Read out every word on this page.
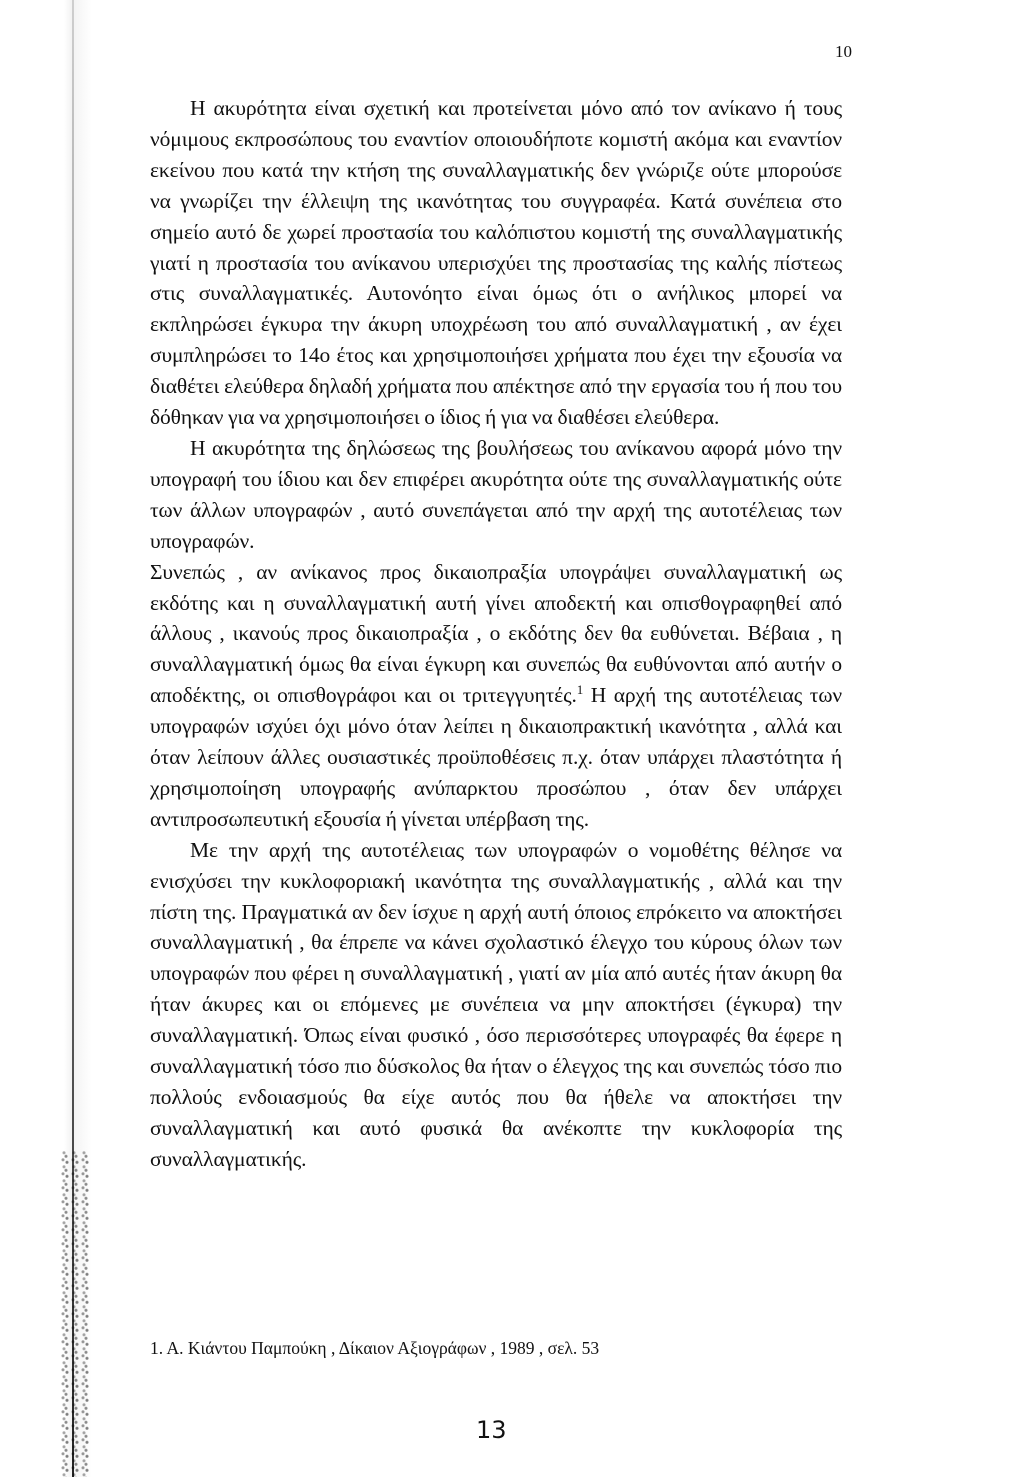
10

Η ακυρότητα είναι σχετική και προτείνεται μόνο από τον ανίκανο ή τους νόμιμους εκπροσώπους του εναντίον οποιουδήποτε κομιστή ακόμα και εναντίον εκείνου που κατά την κτήση της συναλλαγματικής δεν γνώριζε ούτε μπορούσε να γνωρίζει την έλλειψη της ικανότητας του συγγραφέα. Κατά συνέπεια στο σημείο αυτό δε χωρεί προστασία του καλόπιστου κομιστή της συναλλαγματικής γιατί η προστασία του ανίκανου υπερισχύει της προστασίας της καλής πίστεως στις συναλλαγματικές. Αυτονόητο είναι όμως ότι ο ανήλικος μπορεί να εκπληρώσει έγκυρα την άκυρη υποχρέωση του από συναλλαγματική , αν έχει συμπληρώσει το 14ο έτος και χρησιμοποιήσει χρήματα που έχει την εξουσία να διαθέτει ελεύθερα δηλαδή χρήματα που απέκτησε από την εργασία του ή που του δόθηκαν για να χρησιμοποιήσει ο ίδιος ή για να διαθέσει ελεύθερα.

Η ακυρότητα της δηλώσεως της βουλήσεως του ανίκανου αφορά μόνο την υπογραφή του ίδιου και δεν επιφέρει ακυρότητα ούτε της συναλλαγματικής ούτε των άλλων υπογραφών , αυτό συνεπάγεται από την αρχή της αυτοτέλειας των υπογραφών.

Συνεπώς , αν ανίκανος προς δικαιοπραξία υπογράψει συναλλαγματική ως εκδότης και η συναλλαγματική αυτή γίνει αποδεκτή και οπισθογραφηθεί από άλλους , ικανούς προς δικαιοπραξία , ο εκδότης δεν θα ευθύνεται. Βέβαια , η συναλλαγματική όμως θα είναι έγκυρη και συνεπώς θα ευθύνονται από αυτήν ο αποδέκτης, οι οπισθογράφοι και οι τριτεγγυητές.$^1$ Η αρχή της αυτοτέλειας των υπογραφών ισχύει όχι μόνο όταν λείπει η δικαιοπρακτική ικανότητα , αλλά και όταν λείπουν άλλες ουσιαστικές προϋποθέσεις π.χ. όταν υπάρχει πλαστότητα ή χρησιμοποίηση υπογραφής ανύπαρκτου προσώπου , όταν δεν υπάρχει αντιπροσωπευτική εξουσία ή γίνεται υπέρβαση της.

Με την αρχή της αυτοτέλειας των υπογραφών ο νομοθέτης θέλησε να ενισχύσει την κυκλοφοριακή ικανότητα της συναλλαγματικής , αλλά και την πίστη της. Πραγματικά αν δεν ίσχυε η αρχή αυτή όποιος επρόκειτο να αποκτήσει συναλλαγματική , θα έπρεπε να κάνει σχολαστικό έλεγχο του κύρους όλων των υπογραφών που φέρει η συναλλαγματική , γιατί αν μία από αυτές ήταν άκυρη θα ήταν άκυρες και οι επόμενες με συνέπεια να μην αποκτήσει (έγκυρα) την συναλλαγματική. Όπως είναι φυσικό , όσο περισσότερες υπογραφές θα έφερε η συναλλαγματική τόσο πιο δύσκολος θα ήταν ο έλεγχος της και συνεπώς τόσο πιο πολλούς ενδοιασμούς θα είχε αυτός που θα ήθελε να αποκτήσει την συναλλαγματική και αυτό φυσικά θα ανέκοπτε την κυκλοφορία της συναλλαγματικής.

1. Α. Κιάντου Παμπούκη , Δίκαιον Αξιογράφων , 1989 , σελ. 53
13
